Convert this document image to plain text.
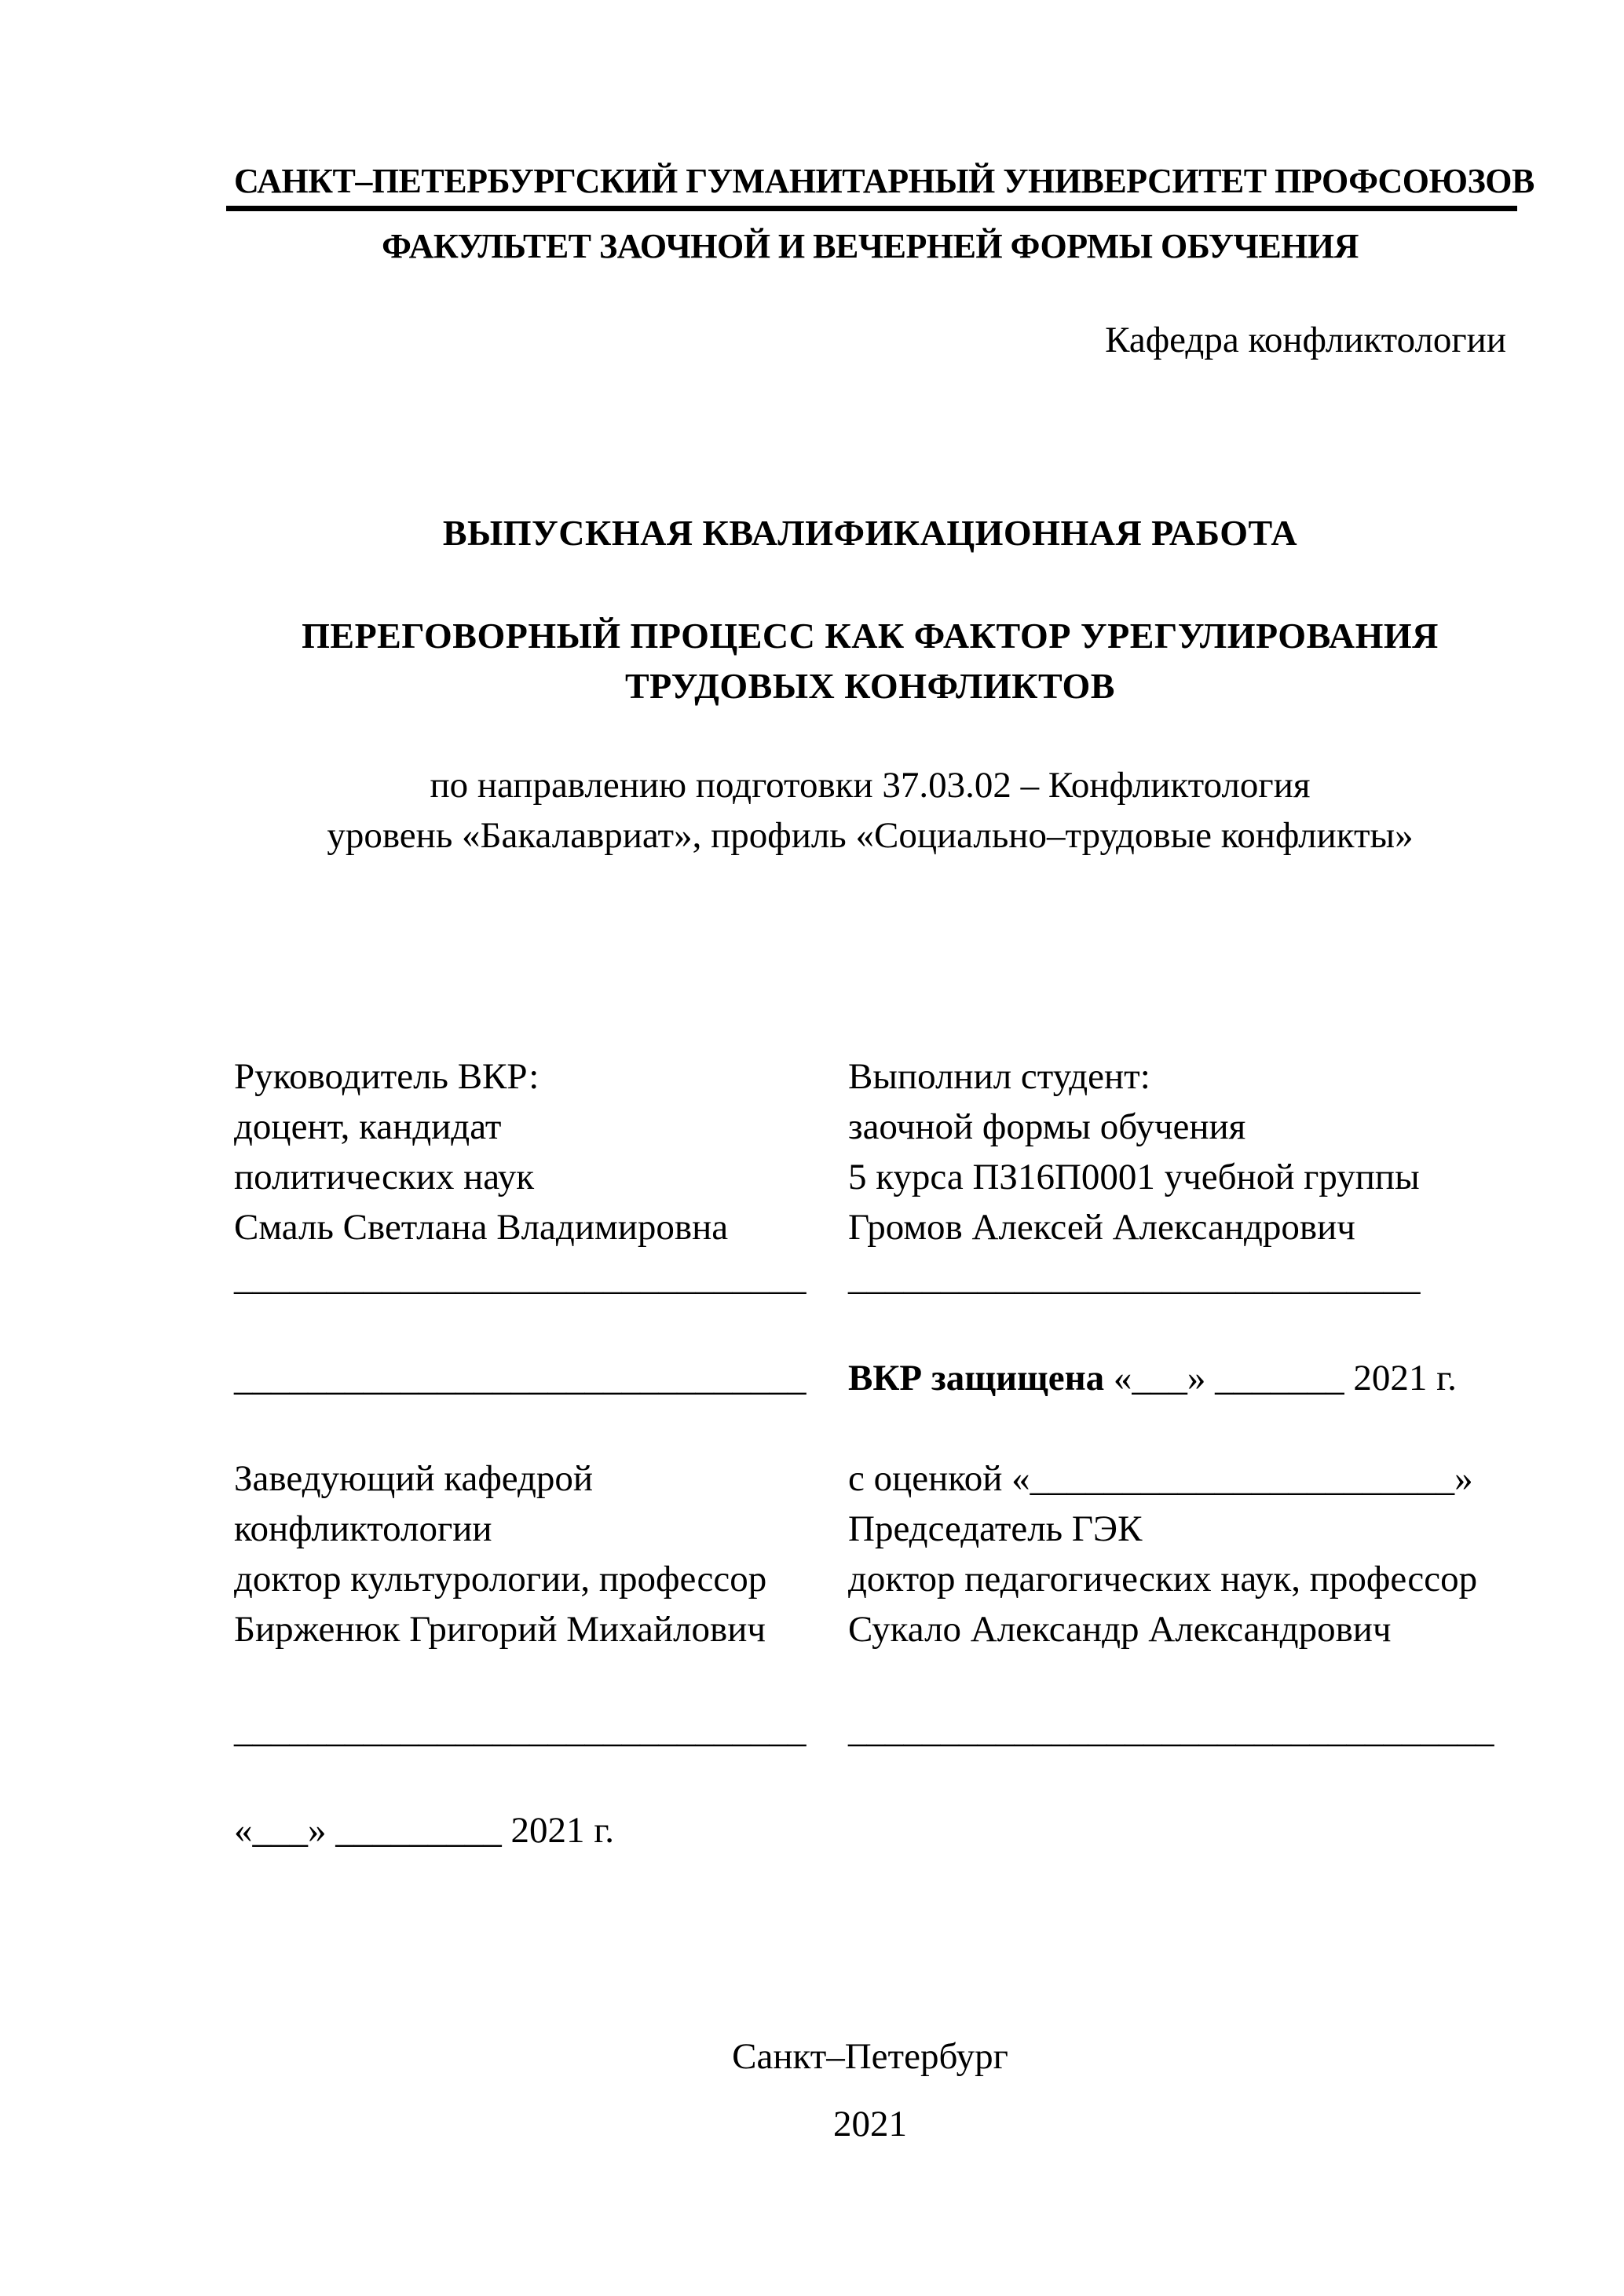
САНКТ–ПЕТЕРБУРГСКИЙ ГУМАНИТАРНЫЙ УНИВЕРСИТЕТ ПРОФСОЮЗОВ
ФАКУЛЬТЕТ ЗАОЧНОЙ И ВЕЧЕРНЕЙ ФОРМЫ ОБУЧЕНИЯ
Кафедра конфликтологии
ВЫПУСКНАЯ КВАЛИФИКАЦИОННАЯ РАБОТА
ПЕРЕГОВОРНЫЙ ПРОЦЕСС КАК ФАКТОР УРЕГУЛИРОВАНИЯ
ТРУДОВЫХ КОНФЛИКТОВ
по направлению подготовки 37.03.02 – Конфликтология
уровень «Бакалавриат», профиль «Социально–трудовые конфликты»
Руководитель ВКР:	Выполнил студент:
доцент, кандидат	заочной формы обучения
политических наук	5 курса ПЗ16П0001 учебной группы
Смаль Светлана Владимировна	Громов Алексей Александрович
_______________________________	_______________________________
_______________________________	ВКР защищена «___» _______ 2021 г.
Заведующий кафедрой	с оценкой «_______________________»
конфликтологии	Председатель ГЭК
доктор культурологии, профессор	доктор педагогических наук, профессор
Бирженюк Григорий Михайлович	Сукало Александр Александрович
_______________________________	___________________________________
«___» _________ 2021 г.
Санкт–Петербург
2021
